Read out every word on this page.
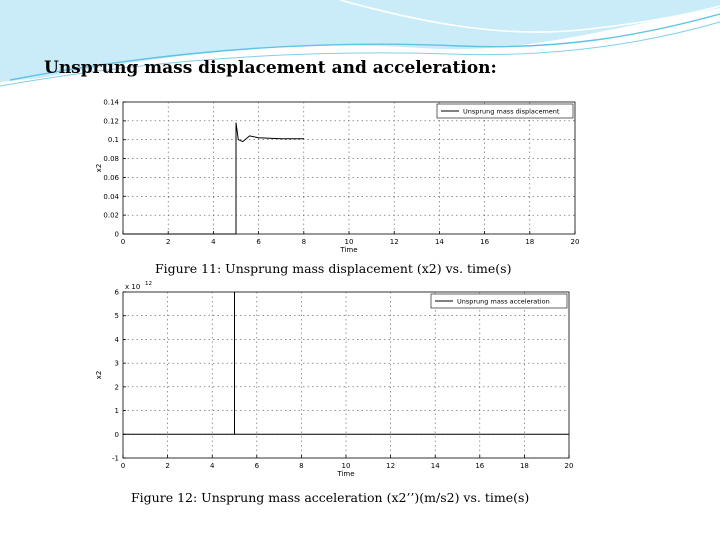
Unsprung mass displacement and acceleration:
0	2	4	6	8	10	12	14	16	18	20
0
0.02
0.04
0.06
0.08
0.1
0.12
0.14
Time
x2
Unsprung mass displacement
Figure 11: Unsprung mass displacement (x2) vs. time(s)
0	2	4	6	8	10	12	14	16	18	20
-1
0
1
2
3
4
5
6
Time
x2
x 10 12
Unsprung mass acceleration
Figure 12: Unsprung mass acceleration (x2’’)(m/s2) vs. time(s)
